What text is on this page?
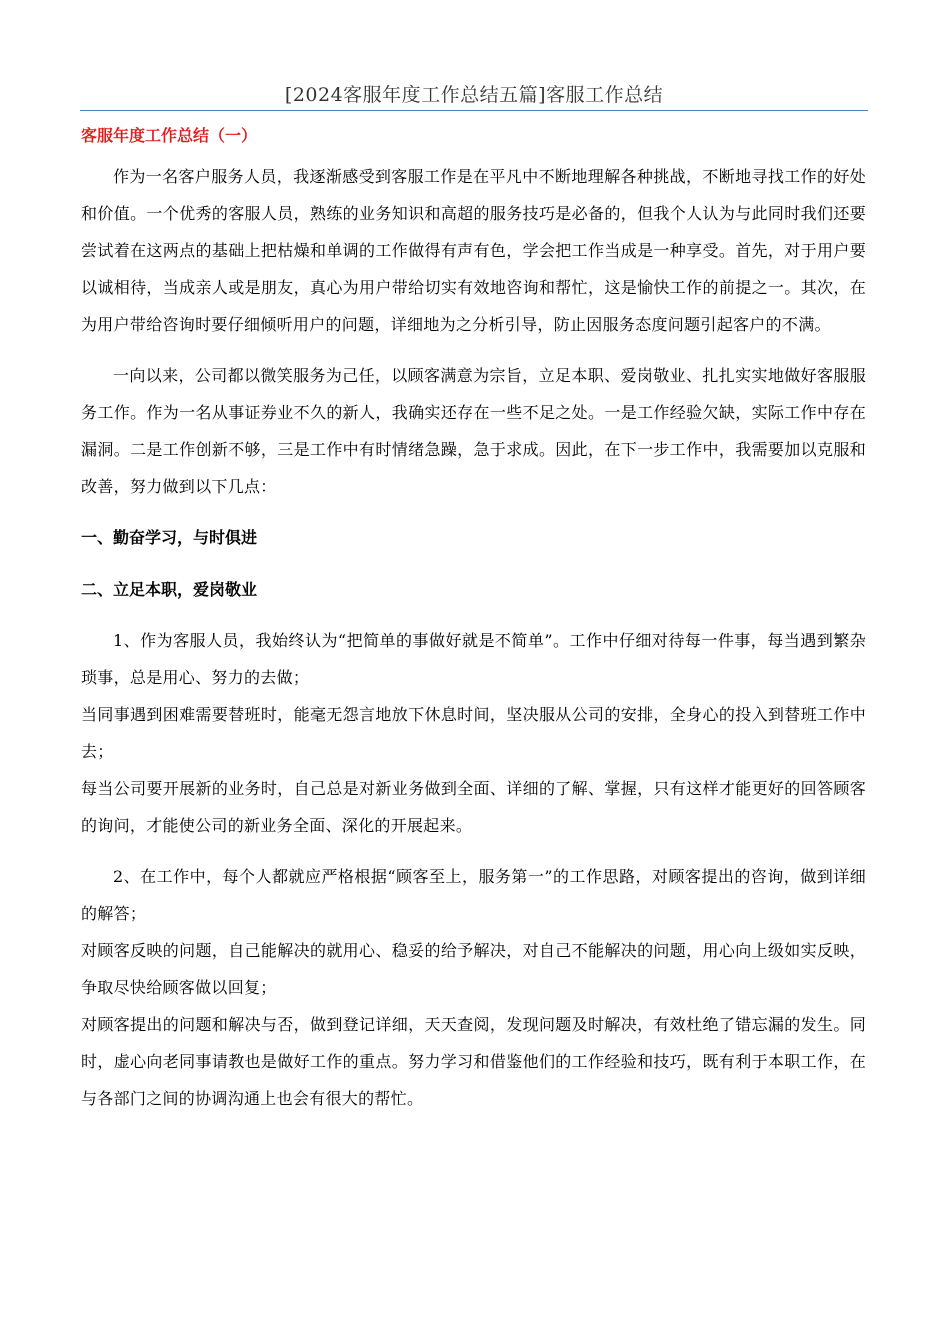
[2024客服年度工作总结五篇]客服工作总结
客服年度工作总结（一）

作为一名客户服务人员，我逐渐感受到客服工作是在平凡中不断地理解各种挑战，不断地寻找工作的好处和价值。一个优秀的客服人员，熟练的业务知识和高超的服务技巧是必备的，但我个人认为与此同时我们还要尝试着在这两点的基础上把枯燥和单调的工作做得有声有色，学会把工作当成是一种享受。首先，对于用户要以诚相待，当成亲人或是朋友，真心为用户带给切实有效地咨询和帮忙，这是愉快工作的前提之一。其次，在为用户带给咨询时要仔细倾听用户的问题，详细地为之分析引导，防止因服务态度问题引起客户的不满。

一向以来，公司都以微笑服务为己任，以顾客满意为宗旨，立足本职、爱岗敬业、扎扎实实地做好客服服务工作。作为一名从事证券业不久的新人，我确实还存在一些不足之处。一是工作经验欠缺，实际工作中存在漏洞。二是工作创新不够，三是工作中有时情绪急躁，急于求成。因此，在下一步工作中，我需要加以克服和改善，努力做到以下几点：

一、勤奋学习，与时俱进

二、立足本职，爱岗敬业

1、作为客服人员，我始终认为“把简单的事做好就是不简单”。工作中仔细对待每一件事，每当遇到繁杂琐事，总是用心、努力的去做；

当同事遇到困难需要替班时，能毫无怨言地放下休息时间，坚决服从公司的安排，全身心的投入到替班工作中去；

每当公司要开展新的业务时，自己总是对新业务做到全面、详细的了解、掌握，只有这样才能更好的回答顾客的询问，才能使公司的新业务全面、深化的开展起来。

2、在工作中，每个人都就应严格根据“顾客至上，服务第一”的工作思路，对顾客提出的咨询，做到详细的解答；

对顾客反映的问题，自己能解决的就用心、稳妥的给予解决，对自己不能解决的问题，用心向上级如实反映，争取尽快给顾客做以回复；

对顾客提出的问题和解决与否，做到登记详细，天天查阅，发现问题及时解决，有效杜绝了错忘漏的发生。同时，虚心向老同事请教也是做好工作的重点。努力学习和借鉴他们的工作经验和技巧，既有利于本职工作，在与各部门之间的协调沟通上也会有很大的帮忙。
